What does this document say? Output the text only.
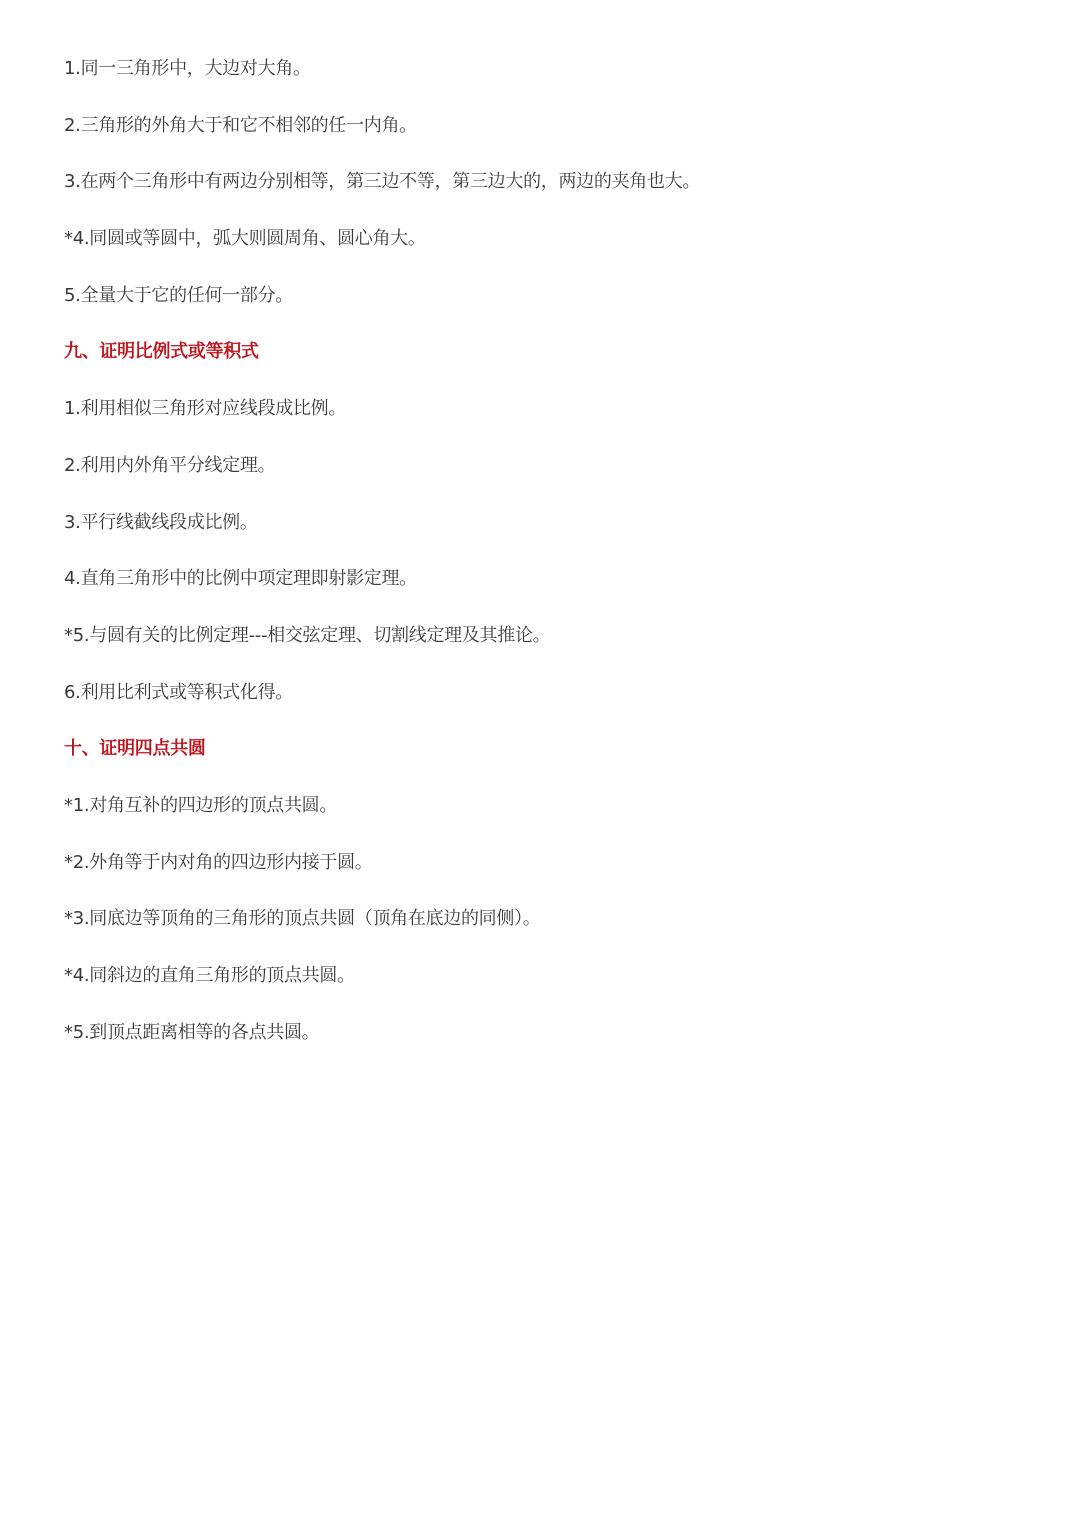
1.同一三角形中，大边对大角。
2.三角形的外角大于和它不相邻的任一内角。
3.在两个三角形中有两边分别相等，第三边不等，第三边大的，两边的夹角也大。
*4.同圆或等圆中，弧大则圆周角、圆心角大。
5.全量大于它的任何一部分。
九、证明比例式或等积式
1.利用相似三角形对应线段成比例。
2.利用内外角平分线定理。
3.平行线截线段成比例。
4.直角三角形中的比例中项定理即射影定理。
*5.与圆有关的比例定理---相交弦定理、切割线定理及其推论。
6.利用比利式或等积式化得。
十、证明四点共圆
*1.对角互补的四边形的顶点共圆。
*2.外角等于内对角的四边形内接于圆。
*3.同底边等顶角的三角形的顶点共圆（顶角在底边的同侧）。
*4.同斜边的直角三角形的顶点共圆。
*5.到顶点距离相等的各点共圆。
